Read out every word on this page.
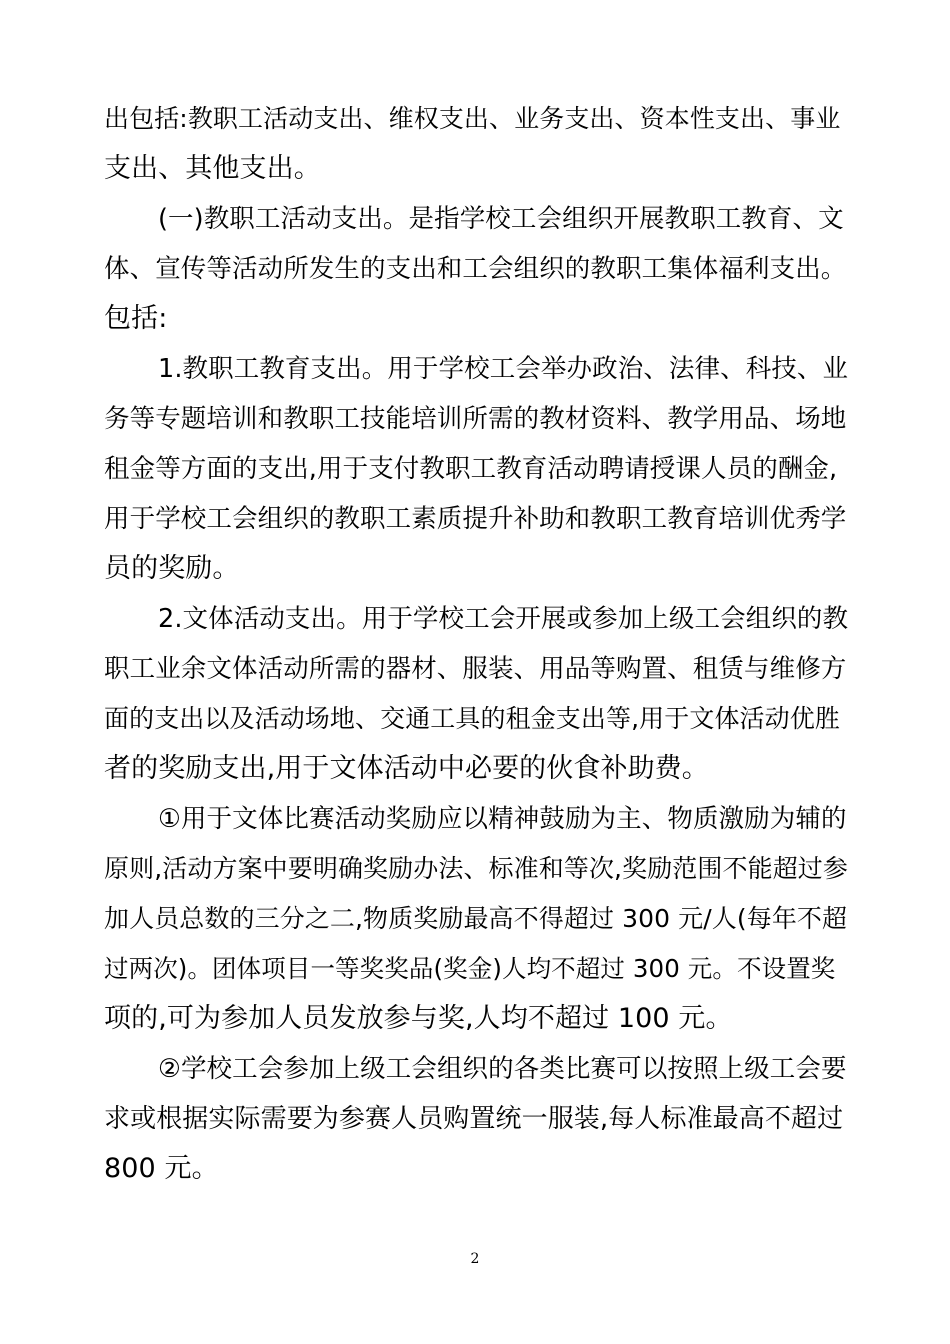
出包括:教职工活动支出、维权支出、业务支出、资本性支出、事业
支出、其他支出。
(一)教职工活动支出。是指学校工会组织开展教职工教育、文
体、宣传等活动所发生的支出和工会组织的教职工集体福利支出。
包括:
1.教职工教育支出。用于学校工会举办政治、法律、科技、业
务等专题培训和教职工技能培训所需的教材资料、教学用品、场地
租金等方面的支出,用于支付教职工教育活动聘请授课人员的酬金,
用于学校工会组织的教职工素质提升补助和教职工教育培训优秀学
员的奖励。
2.文体活动支出。用于学校工会开展或参加上级工会组织的教
职工业余文体活动所需的器材、服装、用品等购置、租赁与维修方
面的支出以及活动场地、交通工具的租金支出等,用于文体活动优胜
者的奖励支出,用于文体活动中必要的伙食补助费。
①用于文体比赛活动奖励应以精神鼓励为主、物质激励为辅的
原则,活动方案中要明确奖励办法、标准和等次,奖励范围不能超过参
加人员总数的三分之二,物质奖励最高不得超过 300 元/人(每年不超
过两次)。团体项目一等奖奖品(奖金)人均不超过 300 元。不设置奖
项的,可为参加人员发放参与奖,人均不超过 100 元。
②学校工会参加上级工会组织的各类比赛可以按照上级工会要
求或根据实际需要为参赛人员购置统一服装,每人标准最高不超过
800 元。
2
